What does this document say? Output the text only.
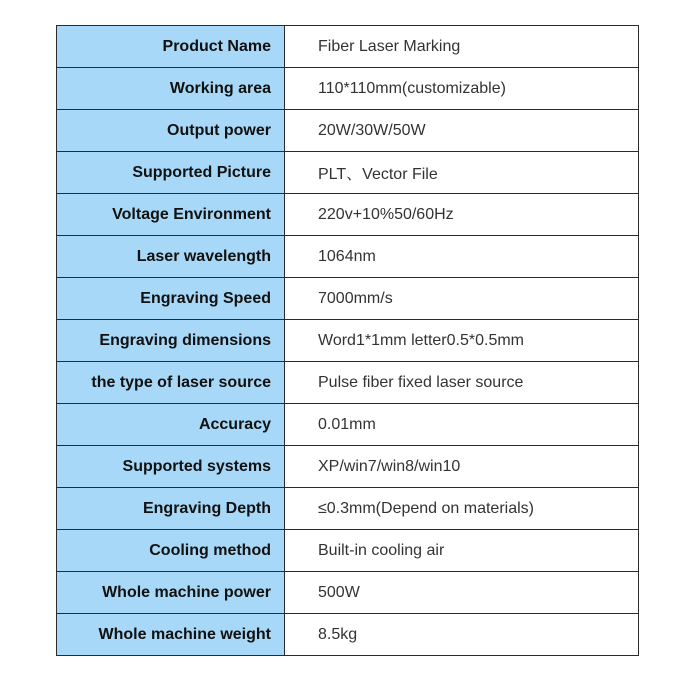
Product Name	Fiber Laser Marking
Working area	110*110mm(customizable)
Output power	20W/30W/50W
Supported Picture	PLT、Vector File
Voltage Environment	220v+10%50/60Hz
Laser wavelength	1064nm
Engraving Speed	7000mm/s
Engraving dimensions	Word1*1mm letter0.5*0.5mm
the type of laser source	Pulse fiber fixed laser source
Accuracy	0.01mm
Supported systems	XP/win7/win8/win10
Engraving Depth	≤0.3mm(Depend on materials)
Cooling method	Built-in cooling air
Whole machine power	500W
Whole machine weight	8.5kg
